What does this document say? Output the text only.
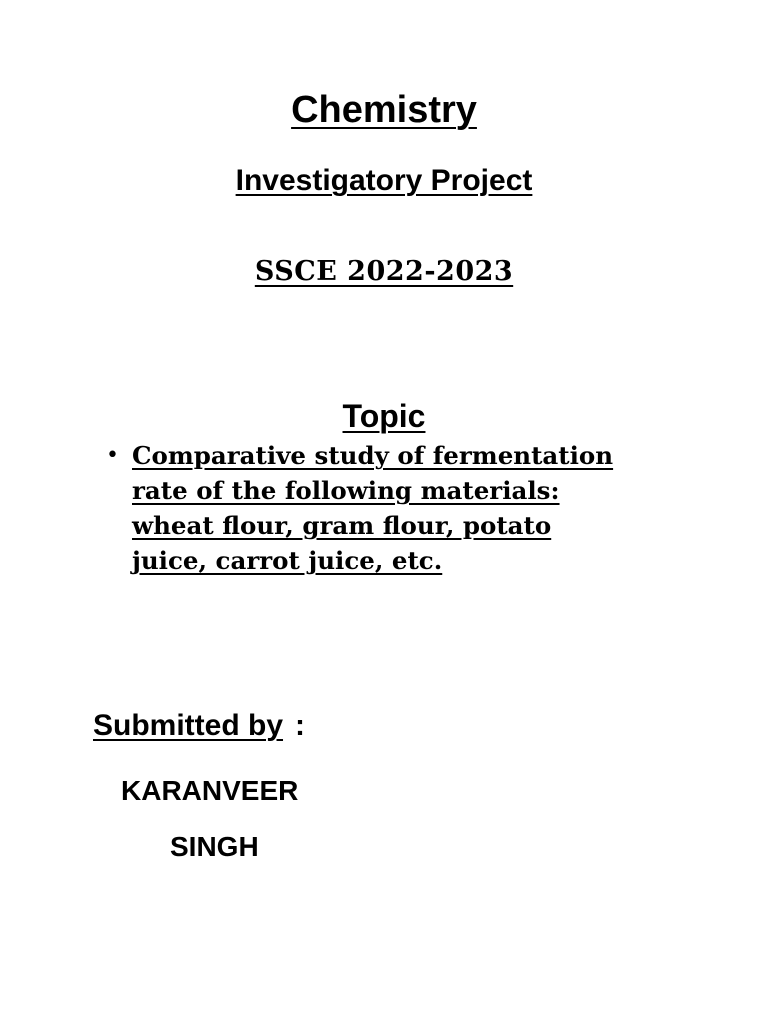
Chemistry
Investigatory Project
SSCE 2022-2023
Topic
• Comparative study of fermentation
rate of the following materials:
wheat flour, gram flour, potato
juice, carrot juice, etc.
Submitted by :
KARANVEER
SINGH
